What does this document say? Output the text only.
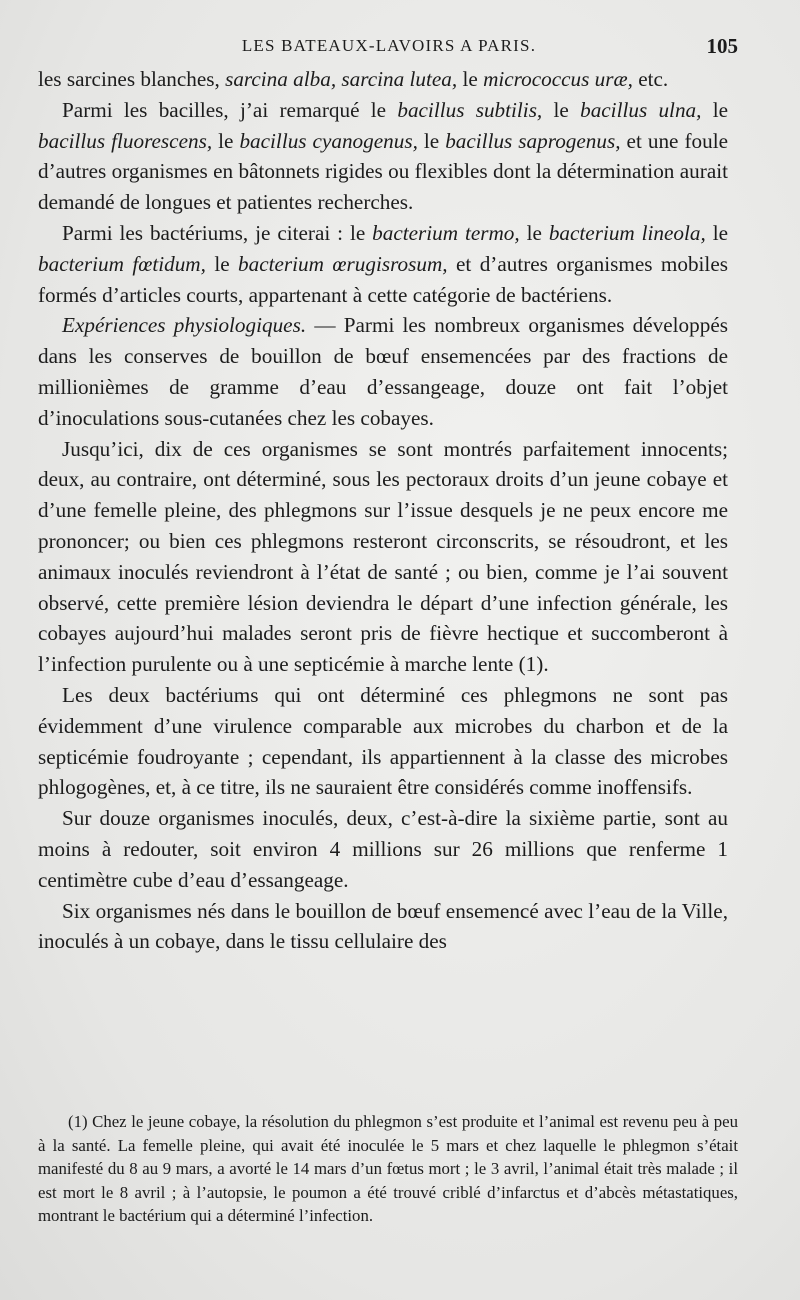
LES BATEAUX-LAVOIRS A PARIS.	105

les sarcines blanches, sarcina alba, sarcina lutea, le micrococcus uræ, etc.

Parmi les bacilles, j’ai remarqué le bacillus subtilis, le bacillus ulna, le bacillus fluorescens, le bacillus cyanogenus, le bacillus saprogenus, et une foule d’autres organismes en bâtonnets rigides ou flexibles dont la détermination aurait demandé de longues et patientes recherches.

Parmi les bactériums, je citerai : le bacterium termo, le bacterium lineola, le bacterium fœtidum, le bacterium œrugisrosum, et d’autres organismes mobiles formés d’articles courts, appartenant à cette catégorie de bactériens.

Expériences physiologiques. — Parmi les nombreux organismes développés dans les conserves de bouillon de bœuf ensemencées par des fractions de millionièmes de gramme d’eau d’essangeage, douze ont fait l’objet d’inoculations sous-cutanées chez les cobayes.

Jusqu’ici, dix de ces organismes se sont montrés parfaitement innocents; deux, au contraire, ont déterminé, sous les pectoraux droits d’un jeune cobaye et d’une femelle pleine, des phlegmons sur l’issue desquels je ne peux encore me prononcer; ou bien ces phlegmons resteront circonscrits, se résoudront, et les animaux inoculés reviendront à l’état de santé ; ou bien, comme je l’ai souvent observé, cette première lésion deviendra le départ d’une infection générale, les cobayes aujourd’hui malades seront pris de fièvre hectique et succomberont à l’infection purulente ou à une septicémie à marche lente (1).

Les deux bactériums qui ont déterminé ces phlegmons ne sont pas évidemment d’une virulence comparable aux microbes du charbon et de la septicémie foudroyante ; cependant, ils appartiennent à la classe des microbes phlogogènes, et, à ce titre, ils ne sauraient être considérés comme inoffensifs.

Sur douze organismes inoculés, deux, c’est-à-dire la sixième partie, sont au moins à redouter, soit environ 4 millions sur 26 millions que renferme 1 centimètre cube d’eau d’essangeage.

Six organismes nés dans le bouillon de bœuf ensemencé avec l’eau de la Ville, inoculés à un cobaye, dans le tissu cellulaire des

(1) Chez le jeune cobaye, la résolution du phlegmon s’est produite et l’animal est revenu peu à peu à la santé. La femelle pleine, qui avait été inoculée le 5 mars et chez laquelle le phlegmon s’était manifesté du 8 au 9 mars, a avorté le 14 mars d’un fœtus mort ; le 3 avril, l’animal était très malade ; il est mort le 8 avril ; à l’autopsie, le poumon a été trouvé criblé d’infarctus et d’abcès métastatiques, montrant le bactérium qui a déterminé l’infection.
